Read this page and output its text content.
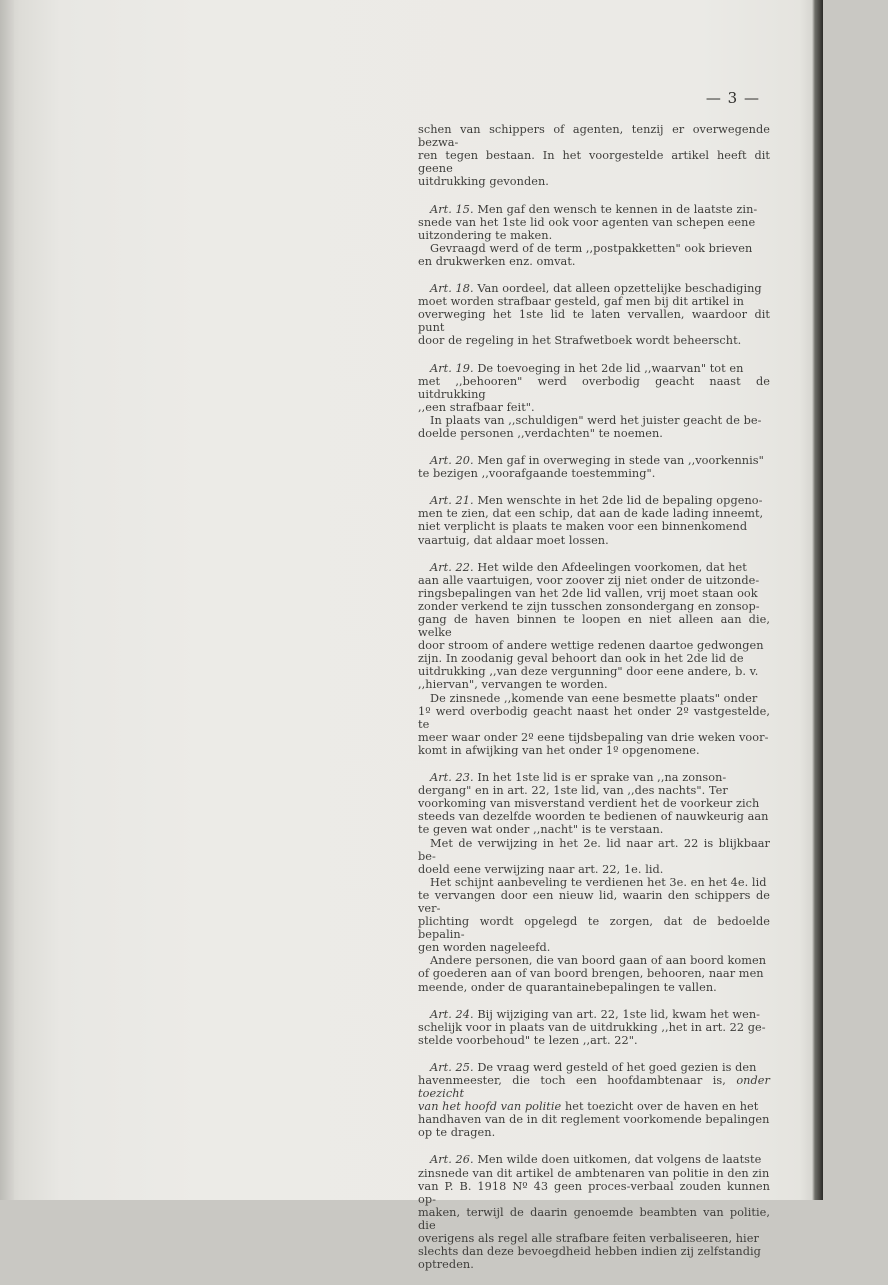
— 3 —
schen van schippers of agenten, tenzij er overwegende bezwa-
ren tegen bestaan. In het voorgestelde artikel heeft dit geene
uitdrukking gevonden.
Art. 15. Men gaf den wensch te kennen in de laatste zin-
snede van het 1ste lid ook voor agenten van schepen eene
uitzondering te maken.
Gevraagd werd of de term ,,postpakketten" ook brieven
en drukwerken enz. omvat.
Art. 18. Van oordeel, dat alleen opzettelijke beschadiging
moet worden strafbaar gesteld, gaf men bij dit artikel in
overweging het 1ste lid te laten vervallen, waardoor dit punt
door de regeling in het Strafwetboek wordt beheerscht.
Art. 19. De toevoeging in het 2de lid ,,waarvan" tot en
met ,,behooren" werd overbodig geacht naast de uitdrukking
,,een strafbaar feit".
In plaats van ,,schuldigen" werd het juister geacht de be-
doelde personen ,,verdachten" te noemen.
Art. 20. Men gaf in overweging in stede van ,,voorkennis"
te bezigen ,,voorafgaande toestemming".
Art. 21. Men wenschte in het 2de lid de bepaling opgeno-
men te zien, dat een schip, dat aan de kade lading inneemt,
niet verplicht is plaats te maken voor een binnenkomend
vaartuig, dat aldaar moet lossen.
Art. 22. Het wilde den Afdeelingen voorkomen, dat het
aan alle vaartuigen, voor zoover zij niet onder de uitzonde-
ringsbepalingen van het 2de lid vallen, vrij moet staan ook
zonder verkend te zijn tusschen zonsondergang en zonsop-
gang de haven binnen te loopen en niet alleen aan die, welke
door stroom of andere wettige redenen daartoe gedwongen
zijn. In zoodanig geval behoort dan ook in het 2de lid de
uitdrukking ,,van deze vergunning" door eene andere, b. v.
,,hiervan", vervangen te worden.
De zinsnede ,,komende van eene besmette plaats" onder
1º werd overbodig geacht naast het onder 2º vastgestelde, te
meer waar onder 2º eene tijdsbepaling van drie weken voor-
komt in afwijking van het onder 1º opgenomene.
Art. 23. In het 1ste lid is er sprake van ,,na zonson-
dergang" en in art. 22, 1ste lid, van ,,des nachts". Ter
voorkoming van misverstand verdient het de voorkeur zich
steeds van dezelfde woorden te bedienen of nauwkeurig aan
te geven wat onder ,,nacht" is te verstaan.
Met de verwijzing in het 2e. lid naar art. 22 is blijkbaar be-
doeld eene verwijzing naar art. 22, 1e. lid.
Het schijnt aanbeveling te verdienen het 3e. en het 4e. lid
te vervangen door een nieuw lid, waarin den schippers de ver-
plichting wordt opgelegd te zorgen, dat de bedoelde bepalin-
gen worden nageleefd.
Andere personen, die van boord gaan of aan boord komen
of goederen aan of van boord brengen, behooren, naar men
meende, onder de quarantainebepalingen te vallen.
Art. 24. Bij wijziging van art. 22, 1ste lid, kwam het wen-
schelijk voor in plaats van de uitdrukking ,,het in art. 22 ge-
stelde voorbehoud" te lezen ,,art. 22".
Art. 25. De vraag werd gesteld of het goed gezien is den
havenmeester, die toch een hoofdambtenaar is, onder toezicht
van het hoofd van politie het toezicht over de haven en het
handhaven van de in dit reglement voorkomende bepalingen
op te dragen.
Art. 26. Men wilde doen uitkomen, dat volgens de laatste
zinsnede van dit artikel de ambtenaren van politie in den zin
van P. B. 1918 Nº 43 geen proces-verbaal zouden kunnen op-
maken, terwijl de daarin genoemde beambten van politie, die
overigens als regel alle strafbare feiten verbaliseeren, hier
slechts dan deze bevoegdheid hebben indien zij zelfstandig
optreden.
